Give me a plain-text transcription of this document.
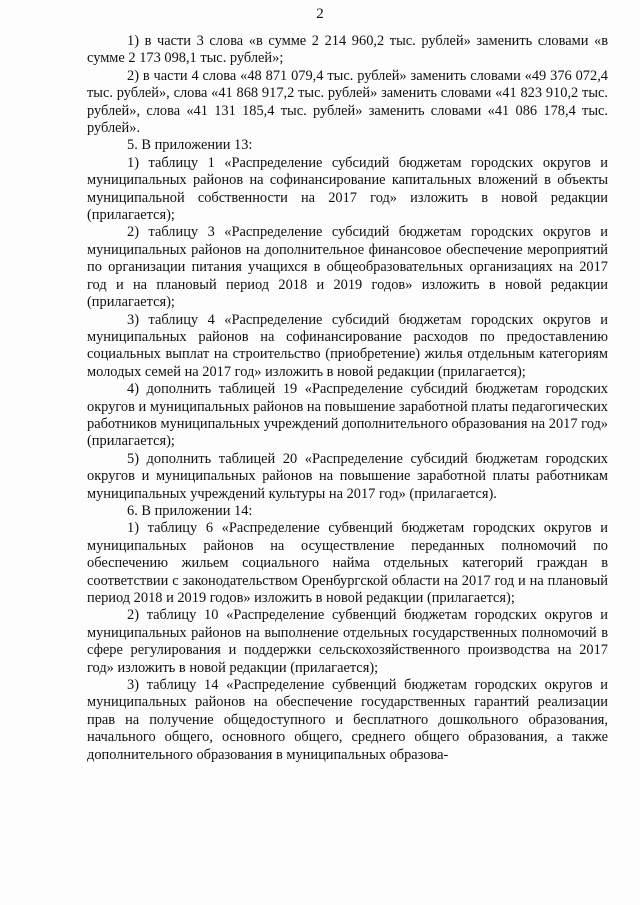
2

1) в части 3 слова «в сумме 2 214 960,2 тыс. рублей» заменить словами «в сумме 2 173 098,1 тыс. рублей»;

2) в части 4 слова «48 871 079,4 тыс. рублей» заменить словами «49 376 072,4 тыс. рублей», слова «41 868 917,2 тыс. рублей» заменить словами «41 823 910,2 тыс. рублей», слова «41 131 185,4 тыс. рублей» заменить словами «41 086 178,4 тыс. рублей».

5. В приложении 13:

1) таблицу 1 «Распределение субсидий бюджетам городских округов и муниципальных районов на софинансирование капитальных вложений в объекты муниципальной собственности на 2017 год» изложить в новой редакции (прилагается);

2) таблицу 3 «Распределение субсидий бюджетам городских округов и муниципальных районов на дополнительное финансовое обеспечение мероприятий по организации питания учащихся в общеобразовательных организациях на 2017 год и на плановый период 2018 и 2019 годов» изложить в новой редакции (прилагается);

3) таблицу 4 «Распределение субсидий бюджетам городских округов и муниципальных районов на софинансирование расходов по предоставлению социальных выплат на строительство (приобретение) жилья отдельным категориям молодых семей на 2017 год» изложить в новой редакции (прилагается);

4) дополнить таблицей 19 «Распределение субсидий бюджетам городских округов и муниципальных районов на повышение заработной платы педагогических работников муниципальных учреждений дополнительного образования на 2017 год» (прилагается);

5) дополнить таблицей 20 «Распределение субсидий бюджетам городских округов и муниципальных районов на повышение заработной платы работникам муниципальных учреждений культуры на 2017 год» (прилагается).

6. В приложении 14:

1) таблицу 6 «Распределение субвенций бюджетам городских округов и муниципальных районов на осуществление переданных полномочий по обеспечению жильем социального найма отдельных категорий граждан в соответствии с законодательством Оренбургской области на 2017 год и на плановый период 2018 и 2019 годов» изложить в новой редакции (прилагается);

2) таблицу 10 «Распределение субвенций бюджетам городских округов и муниципальных районов на выполнение отдельных государственных полномочий в сфере регулирования и поддержки сельскохозяйственного производства на 2017 год» изложить в новой редакции (прилагается);

3) таблицу 14 «Распределение субвенций бюджетам городских округов и муниципальных районов на обеспечение государственных гарантий реализации прав на получение общедоступного и бесплатного дошкольного образования, начального общего, основного общего, среднего общего образования, а также дополнительного образования в муниципальных образова-
